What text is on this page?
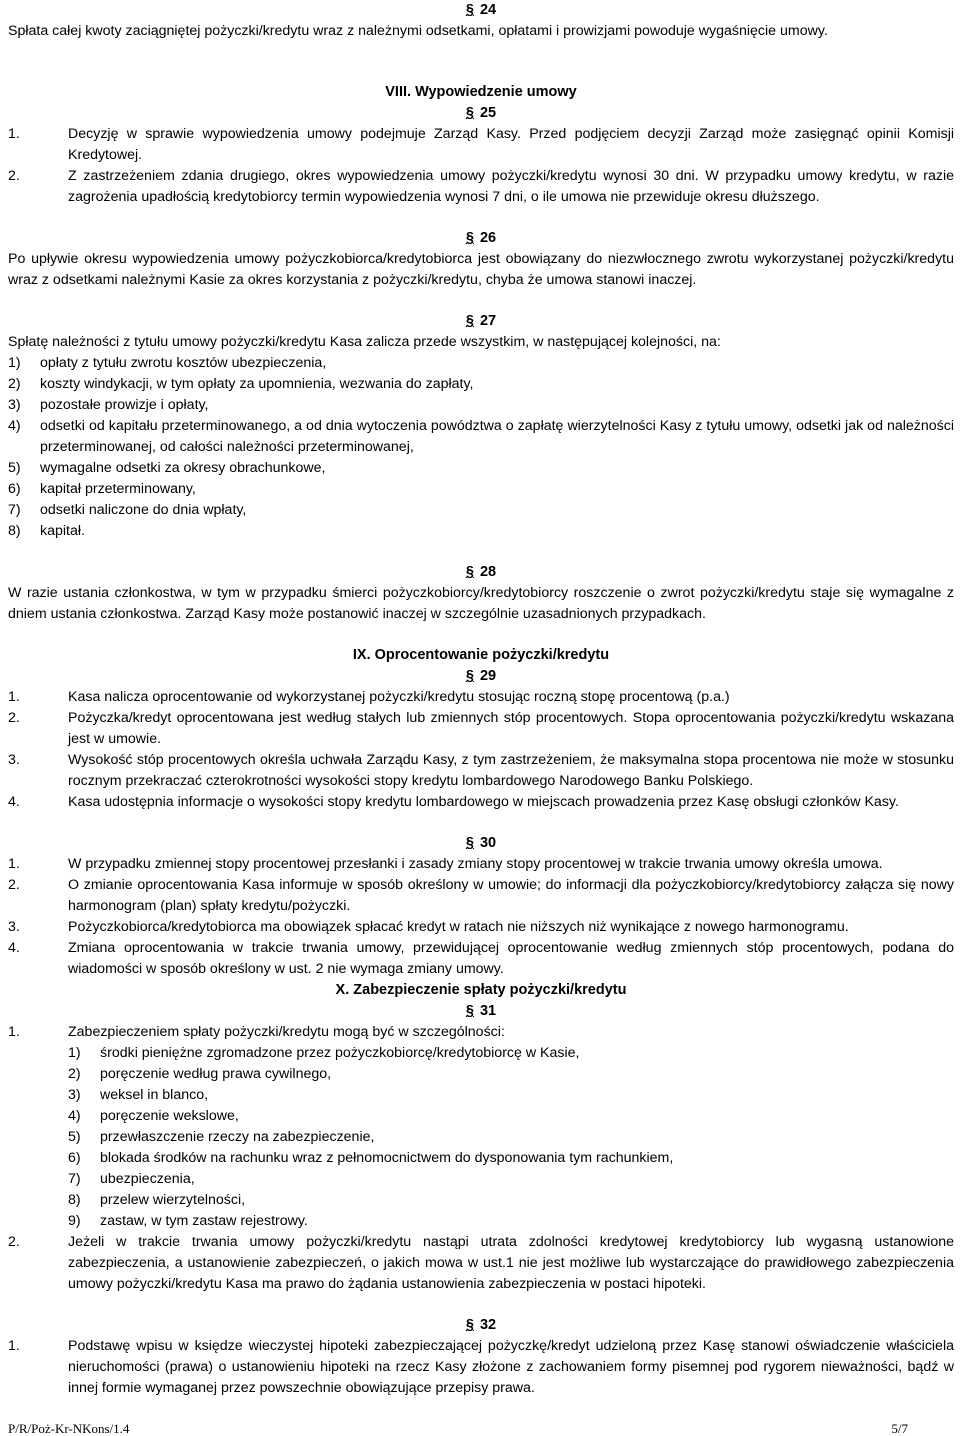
§ 24

Spłata całej kwoty zaciągniętej pożyczki/kredytu wraz z należnymi odsetkami, opłatami i prowizjami powoduje wygaśnięcie umowy.

VIII. Wypowiedzenie umowy
§ 25
1.	Decyzję w sprawie wypowiedzenia umowy podejmuje Zarząd Kasy. Przed podjęciem decyzji Zarząd może zasięgnąć opinii Komisji Kredytowej.
2.	Z zastrzeżeniem zdania drugiego, okres wypowiedzenia umowy pożyczki/kredytu wynosi 30 dni. W przypadku umowy kredytu, w razie zagrożenia upadłością kredytobiorcy termin wypowiedzenia wynosi 7 dni, o ile umowa nie przewiduje okresu dłuższego.
§ 26

Po upływie okresu wypowiedzenia umowy pożyczkobiorca/kredytobiorca jest obowiązany do niezwłocznego zwrotu wykorzystanej pożyczki/kredytu wraz z odsetkami należnymi Kasie za okres korzystania z pożyczki/kredytu, chyba że umowa stanowi inaczej.

§ 27

Spłatę należności z tytułu umowy pożyczki/kredytu Kasa zalicza przede wszystkim, w następującej kolejności, na:

1)	opłaty z tytułu zwrotu kosztów ubezpieczenia,
2)	koszty windykacji, w tym opłaty za upomnienia, wezwania do zapłaty,
3)	pozostałe prowizje i opłaty,
4)	odsetki od kapitału przeterminowanego, a od dnia wytoczenia powództwa o zapłatę wierzytelności Kasy z tytułu umowy, odsetki jak od należności przeterminowanej, od całości należności przeterminowanej,
5)	wymagalne odsetki za okresy obrachunkowe,
6)	kapitał przeterminowany,
7)	odsetki naliczone do dnia wpłaty,
8)	kapitał.
§ 28

W razie ustania członkostwa, w tym w przypadku śmierci pożyczkobiorcy/kredytobiorcy roszczenie o zwrot pożyczki/kredytu staje się wymagalne z dniem ustania członkostwa. Zarząd Kasy może postanowić inaczej w szczególnie uzasadnionych przypadkach.

IX. Oprocentowanie pożyczki/kredytu
§ 29
1.	Kasa nalicza oprocentowanie od wykorzystanej pożyczki/kredytu stosując roczną stopę procentową (p.a.)
2.	Pożyczka/kredyt oprocentowana jest według stałych lub zmiennych stóp procentowych. Stopa oprocentowania pożyczki/kredytu wskazana jest w umowie.
3.	Wysokość stóp procentowych określa uchwała Zarządu Kasy, z tym zastrzeżeniem, że maksymalna stopa procentowa nie może w stosunku rocznym przekraczać czterokrotności wysokości stopy kredytu lombardowego Narodowego Banku Polskiego.
4.	Kasa udostępnia informacje o wysokości stopy kredytu lombardowego w miejscach prowadzenia przez Kasę obsługi członków Kasy.
§ 30
1.	W przypadku zmiennej stopy procentowej przesłanki i zasady zmiany stopy procentowej w trakcie trwania umowy określa umowa.
2.	O zmianie oprocentowania Kasa informuje w sposób określony w umowie; do informacji dla pożyczkobiorcy/kredytobiorcy załącza się nowy harmonogram (plan) spłaty kredytu/pożyczki.
3.	Pożyczkobiorca/kredytobiorca ma obowiązek spłacać kredyt w ratach nie niższych niż wynikające z nowego harmonogramu.
4.	Zmiana oprocentowania w trakcie trwania umowy, przewidującej oprocentowanie według zmiennych stóp procentowych, podana do wiadomości w sposób określony w ust. 2 nie wymaga zmiany umowy.
X. Zabezpieczenie spłaty pożyczki/kredytu
§ 31
1.	Zabezpieczeniem spłaty pożyczki/kredytu mogą być w szczególności:
1)	środki pieniężne zgromadzone przez pożyczkobiorcę/kredytobiorcę w Kasie,
2)	poręczenie według prawa cywilnego,
3)	weksel in blanco,
4)	poręczenie wekslowe,
5)	przewłaszczenie rzeczy na zabezpieczenie,
6)	blokada środków na rachunku wraz z pełnomocnictwem do dysponowania tym rachunkiem,
7)	ubezpieczenia,
8)	przelew wierzytelności,
9)	zastaw, w tym zastaw rejestrowy.
2.	Jeżeli w trakcie trwania umowy pożyczki/kredytu nastąpi utrata zdolności kredytowej kredytobiorcy lub wygasną ustanowione zabezpieczenia, a ustanowienie zabezpieczeń, o jakich mowa w ust.1 nie jest możliwe lub wystarczające do prawidłowego zabezpieczenia umowy pożyczki/kredytu Kasa ma prawo do żądania ustanowienia zabezpieczenia w postaci hipoteki.
§ 32
1.	Podstawę wpisu w księdze wieczystej hipoteki zabezpieczającej pożyczkę/kredyt udzieloną przez Kasę stanowi oświadczenie właściciela nieruchomości (prawa) o ustanowieniu hipoteki na rzecz Kasy złożone z zachowaniem formy pisemnej pod rygorem nieważności, bądź w innej formie wymaganej przez powszechnie obowiązujące przepisy prawa.
P/R/Poż-Kr-NKons/1.4	5/7
